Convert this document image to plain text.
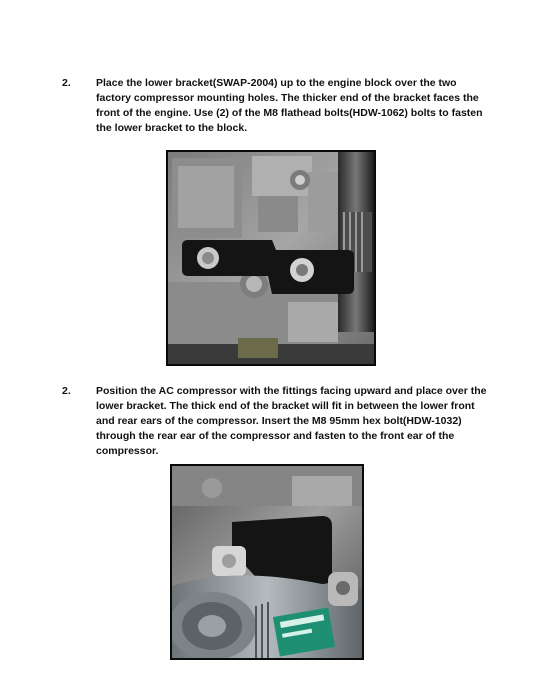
2. Place the lower bracket(SWAP-2004) up to the engine block over the two factory compressor mounting holes. The thicker end of the bracket faces the front of the engine. Use (2) of the M8 flathead bolts(HDW-1062) bolts to fasten the lower bracket to the block.

2. Position the AC compressor with the fittings facing upward and place over the lower bracket. The thick end of the bracket will fit in between the lower front and rear ears of the compressor. Insert the M8 95mm hex bolt(HDW-1032) through the rear ear of the compressor and fasten to the front ear of the compressor.
